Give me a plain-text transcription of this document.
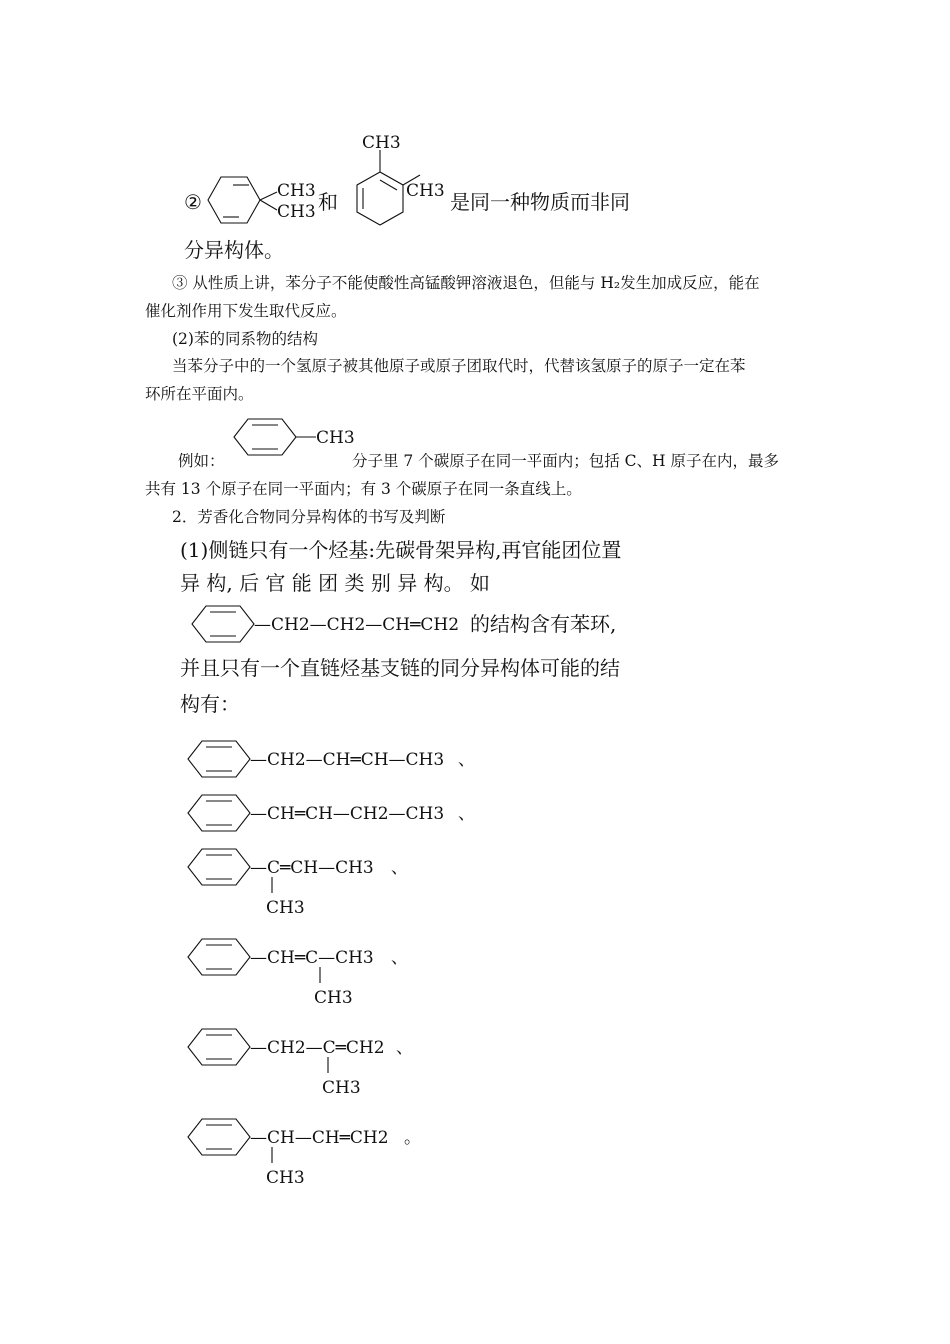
②	CH3
CH3 和
CH3
CH3 是同一种物质而非同
分异构体。
③ 从性质上讲，苯分子不能使酸性高锰酸钾溶液退色，但能与 H₂发生加成反应，能在
催化剂作用下发生取代反应。
(2)苯的同系物的结构
当苯分子中的一个氢原子被其他原子或原子团取代时，代替该氢原子的原子一定在苯
环所在平面内。
CH3
例如：	分子里 7 个碳原子在同一平面内；包括 C、H 原子在内，最多
共有 13 个原子在同一平面内；有 3 个碳原子在同一条直线上。
2．芳香化合物同分异构体的书写及判断
(1)侧链只有一个烃基:先碳骨架异构,再官能团位置
异 构, 后 官 能 团 类 别 异 构。 如
—CH2—CH2—CH═CH2 的结构含有苯环,
并且只有一个直链烃基支链的同分异构体可能的结
构有：
—CH2—CH═CH—CH3 、
—CH═CH—CH2—CH3 、
—C═CH—CH3
CH3
、
—CH═C—CH3
CH3
、
—CH2—C═CH2
CH3
、
—CH—CH═CH2
CH3
。
